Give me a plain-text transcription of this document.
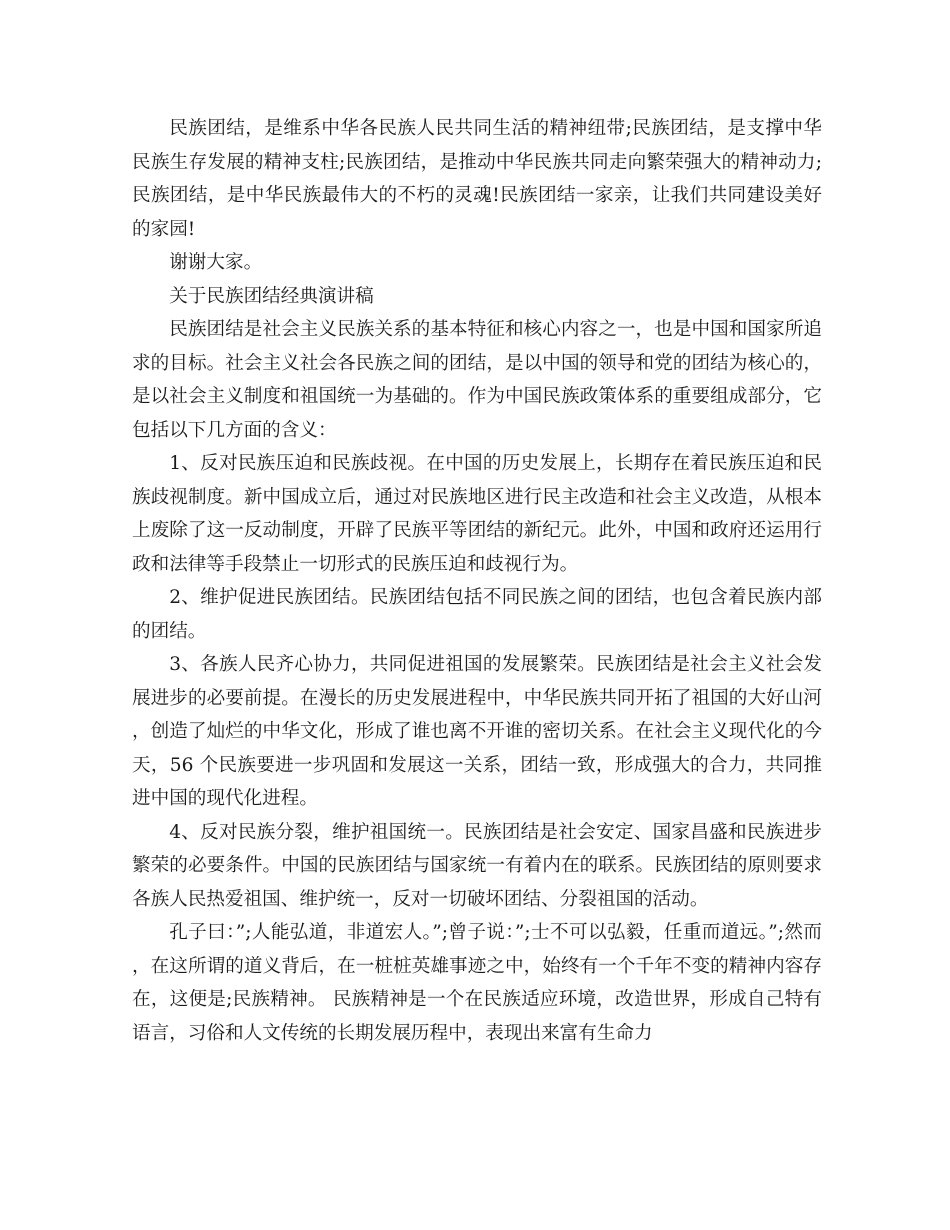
民族团结，是维系中华各民族人民共同生活的精神纽带;民族团结，是支撑中华民族生存发展的精神支柱;民族团结，是推动中华民族共同走向繁荣强大的精神动力;民族团结，是中华民族最伟大的不朽的灵魂!民族团结一家亲，让我们共同建设美好的家园!

谢谢大家。

关于民族团结经典演讲稿

民族团结是社会主义民族关系的基本特征和核心内容之一，也是中国和国家所追求的目标。社会主义社会各民族之间的团结，是以中国的领导和党的团结为核心的，是以社会主义制度和祖国统一为基础的。作为中国民族政策体系的重要组成部分，它包括以下几方面的含义：

1、反对民族压迫和民族歧视。在中国的历史发展上，长期存在着民族压迫和民族歧视制度。新中国成立后，通过对民族地区进行民主改造和社会主义改造，从根本上废除了这一反动制度，开辟了民族平等团结的新纪元。此外，中国和政府还运用行政和法律等手段禁止一切形式的民族压迫和歧视行为。

2、维护促进民族团结。民族团结包括不同民族之间的团结，也包含着民族内部的团结。

3、各族人民齐心协力，共同促进祖国的发展繁荣。民族团结是社会主义社会发展进步的必要前提。在漫长的历史发展进程中，中华民族共同开拓了祖国的大好山河，创造了灿烂的中华文化，形成了谁也离不开谁的密切关系。在社会主义现代化的今天，56 个民族要进一步巩固和发展这一关系，团结一致，形成强大的合力，共同推进中国的现代化进程。

4、反对民族分裂，维护祖国统一。民族团结是社会安定、国家昌盛和民族进步繁荣的必要条件。中国的民族团结与国家统一有着内在的联系。民族团结的原则要求各族人民热爱祖国、维护统一，反对一切破坏团结、分裂祖国的活动。

孔子曰：”;人能弘道，非道宏人。”;曾子说：”;士不可以弘毅，任重而道远。”;然而，在这所谓的道义背后，在一桩桩英雄事迹之中，始终有一个千年不变的精神内容存在，这便是;民族精神。 民族精神是一个在民族适应环境，改造世界，形成自己特有语言，习俗和人文传统的长期发展历程中，表现出来富有生命力
